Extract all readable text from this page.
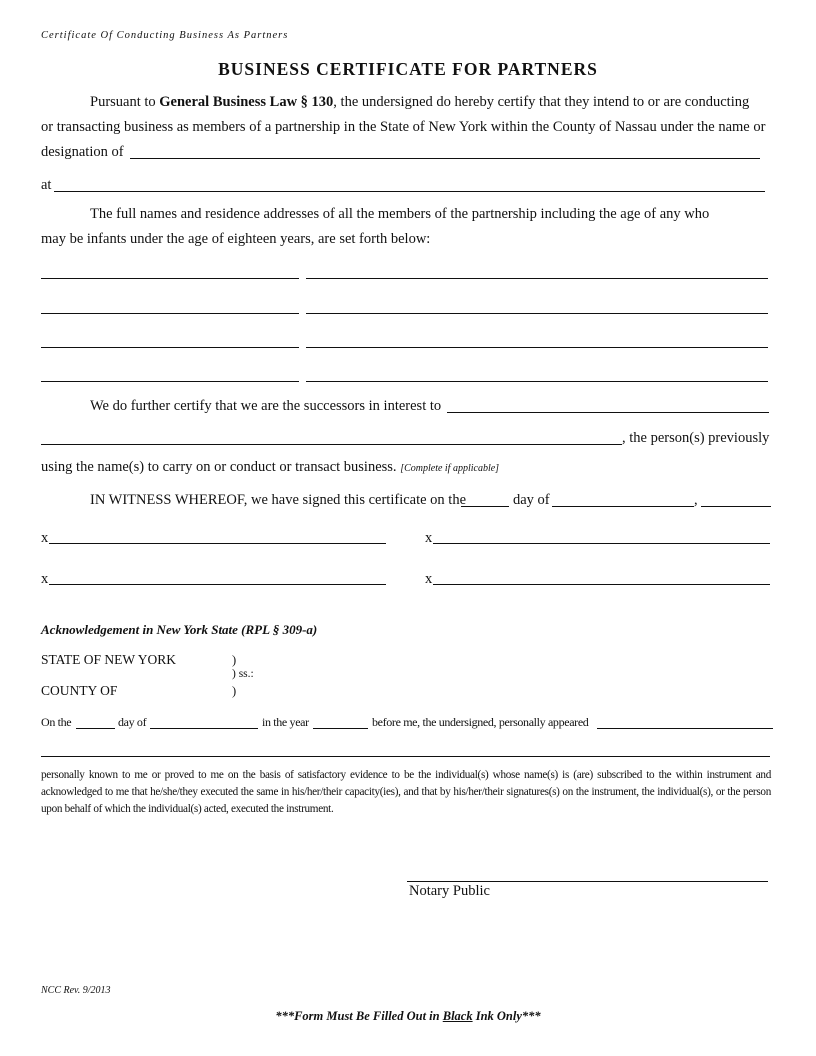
Certificate Of Conducting Business As Partners
BUSINESS CERTIFICATE FOR PARTNERS
Pursuant to General Business Law § 130, the undersigned do hereby certify that they intend to or are conducting
or transacting business as members of a partnership in the State of New York within the County of Nassau under the name or
designation of
at
The full names and residence addresses of all the members of the partnership including the age of any who
may be infants under the age of eighteen years, are set forth below:
We do further certify that we are the successors in interest to
, the person(s) previously
using the name(s) to carry on or conduct or transact business. [Complete if applicable]
IN WITNESS WHEREOF, we have signed this certificate on the	day of	,
x	x
x	x
Acknowledgement in New York State (RPL § 309-a)
STATE OF NEW YORK	)
) ss.:
COUNTY OF	)
On the	day of	in the year	before me, the undersigned, personally appeared
personally known to me or proved to me on the basis of satisfactory evidence to be the individual(s) whose name(s) is (are) subscribed to the within instrument and acknowledged to me that he/she/they executed the same in his/her/their capacity(ies), and that by his/her/their signatures(s) on the instrument, the individual(s), or the person upon behalf of which the individual(s) acted, executed the instrument.
Notary Public
NCC Rev. 9/2013
***Form Must Be Filled Out in Black Ink Only***
